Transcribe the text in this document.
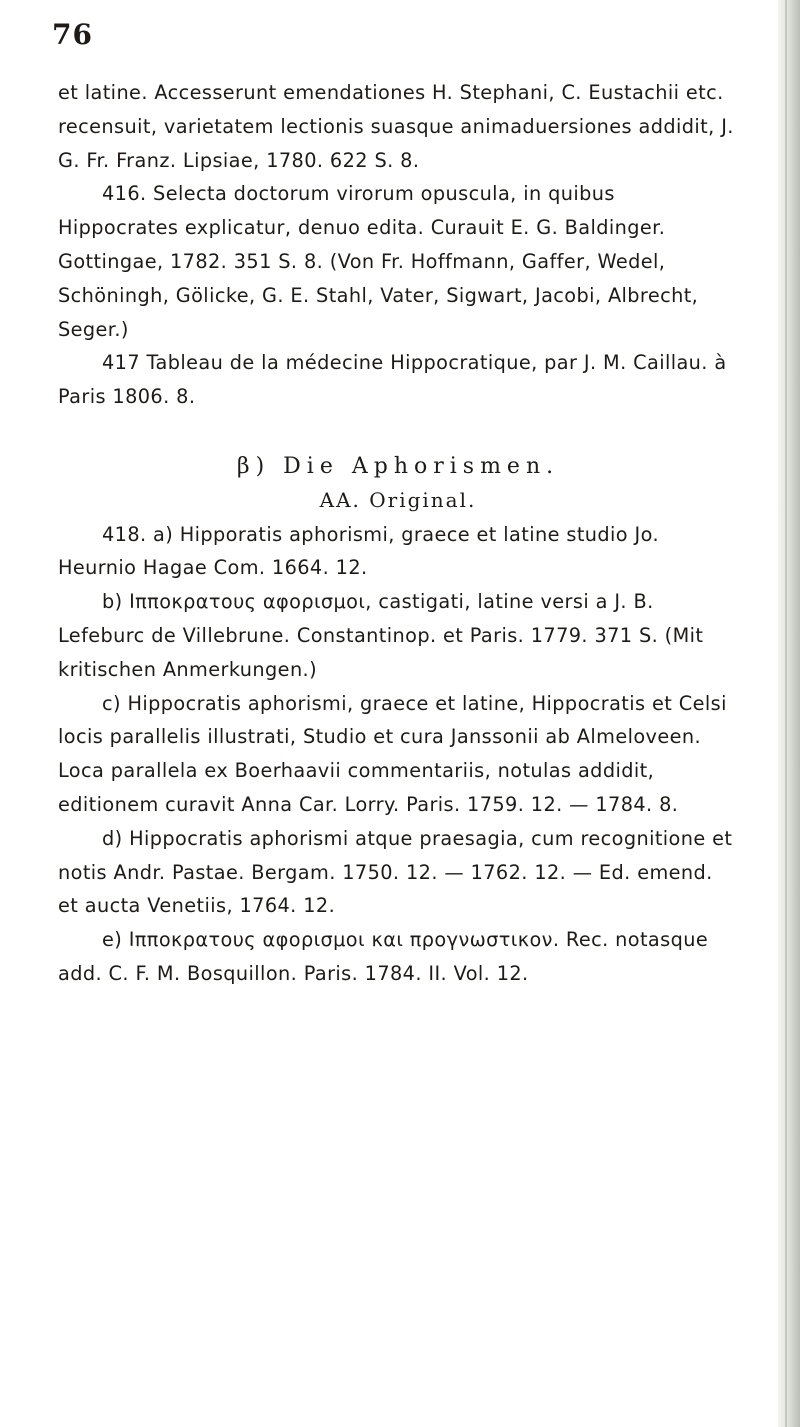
76

et latine. Accesserunt emendationes H. Stephani, C. Eustachii etc. recensuit, varietatem lectionis suasque animaduersiones addidit, J. G. Fr. Franz. Lipsiae, 1780. 622 S. 8.

416. Selecta doctorum virorum opuscula, in quibus Hippocrates explicatur, denuo edita. Curauit E. G. Baldinger. Gottingae, 1782. 351 S. 8. (Von Fr. Hoffmann, Gaffer, Wedel, Schöningh, Gölicke, G. E. Stahl, Vater, Sigwart, Jacobi, Albrecht, Seger.)

417 Tableau de la médecine Hippocratique, par J. M. Caillau. à Paris 1806. 8.

β) Die Aphorismen.

AA. Original.

418. a) Hipporatis aphorismi, graece et latine studio Jo. Heurnio Hagae Com. 1664. 12.

b) Ιπποκρατους αφορισμοι, castigati, latine versi a J. B. Lefeburc de Villebrune. Constantinop. et Paris. 1779. 371 S. (Mit kritischen Anmerkungen.)

c) Hippocratis aphorismi, graece et latine, Hippocratis et Celsi locis parallelis illustrati, Studio et cura Janssonii ab Almeloveen. Loca parallela ex Boerhaavii commentariis, notulas addidit, editionem curavit Anna Car. Lorry. Paris. 1759. 12. — 1784. 8.

d) Hippocratis aphorismi atque praesagia, cum recognitione et notis Andr. Pastae. Bergam. 1750. 12. — 1762. 12. — Ed. emend. et aucta Venetiis, 1764. 12.

e) Ιπποκρατους αφορισμοι και προγνωστικον. Rec. notasque add. C. F. M. Bosquillon. Paris. 1784. II. Vol. 12.
